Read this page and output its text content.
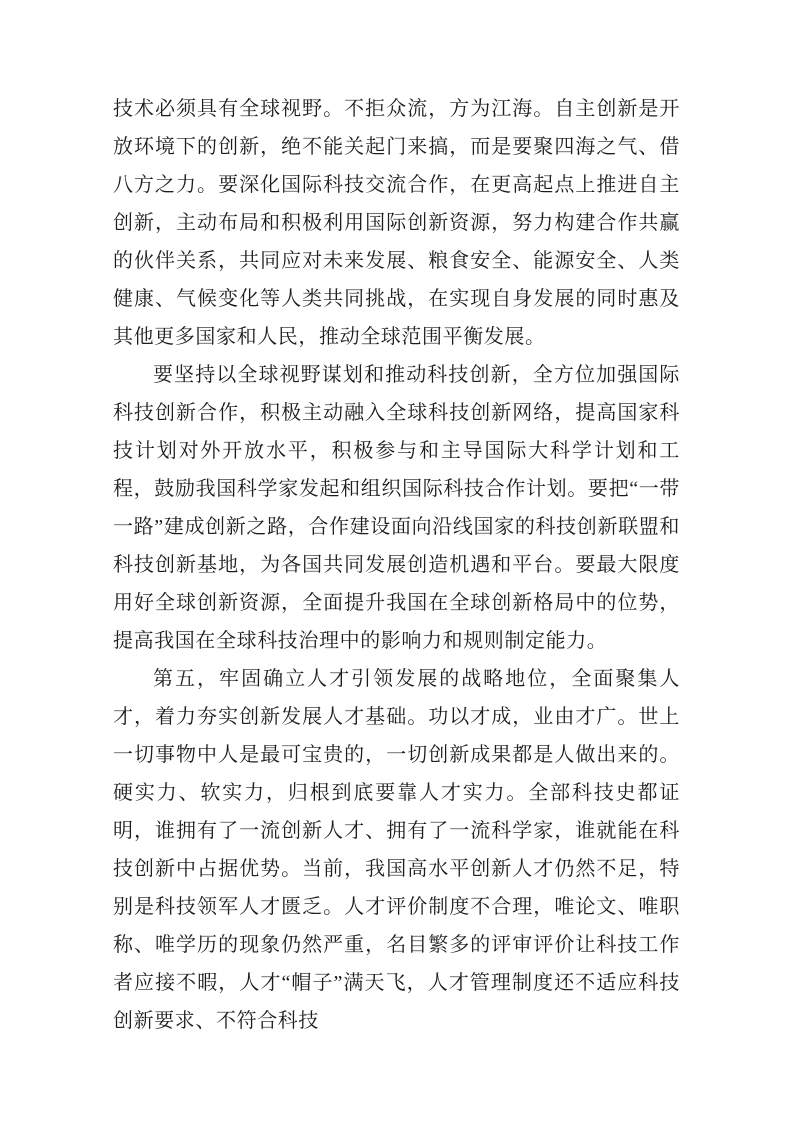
技术必须具有全球视野。不拒众流，方为江海。自主创新是开放环境下的创新，绝不能关起门来搞，而是要聚四海之气、借八方之力。要深化国际科技交流合作，在更高起点上推进自主创新，主动布局和积极利用国际创新资源，努力构建合作共赢的伙伴关系，共同应对未来发展、粮食安全、能源安全、人类健康、气候变化等人类共同挑战，在实现自身发展的同时惠及其他更多国家和人民，推动全球范围平衡发展。

要坚持以全球视野谋划和推动科技创新，全方位加强国际科技创新合作，积极主动融入全球科技创新网络，提高国家科技计划对外开放水平，积极参与和主导国际大科学计划和工程，鼓励我国科学家发起和组织国际科技合作计划。要把“一带一路”建成创新之路，合作建设面向沿线国家的科技创新联盟和科技创新基地，为各国共同发展创造机遇和平台。要最大限度用好全球创新资源，全面提升我国在全球创新格局中的位势，提高我国在全球科技治理中的影响力和规则制定能力。

第五，牢固确立人才引领发展的战略地位，全面聚集人才，着力夯实创新发展人才基础。功以才成，业由才广。世上一切事物中人是最可宝贵的，一切创新成果都是人做出来的。硬实力、软实力，归根到底要靠人才实力。全部科技史都证明，谁拥有了一流创新人才、拥有了一流科学家，谁就能在科技创新中占据优势。当前，我国高水平创新人才仍然不足，特别是科技领军人才匮乏。人才评价制度不合理，唯论文、唯职称、唯学历的现象仍然严重，名目繁多的评审评价让科技工作者应接不暇，人才“帽子”满天飞，人才管理制度还不适应科技创新要求、不符合科技
